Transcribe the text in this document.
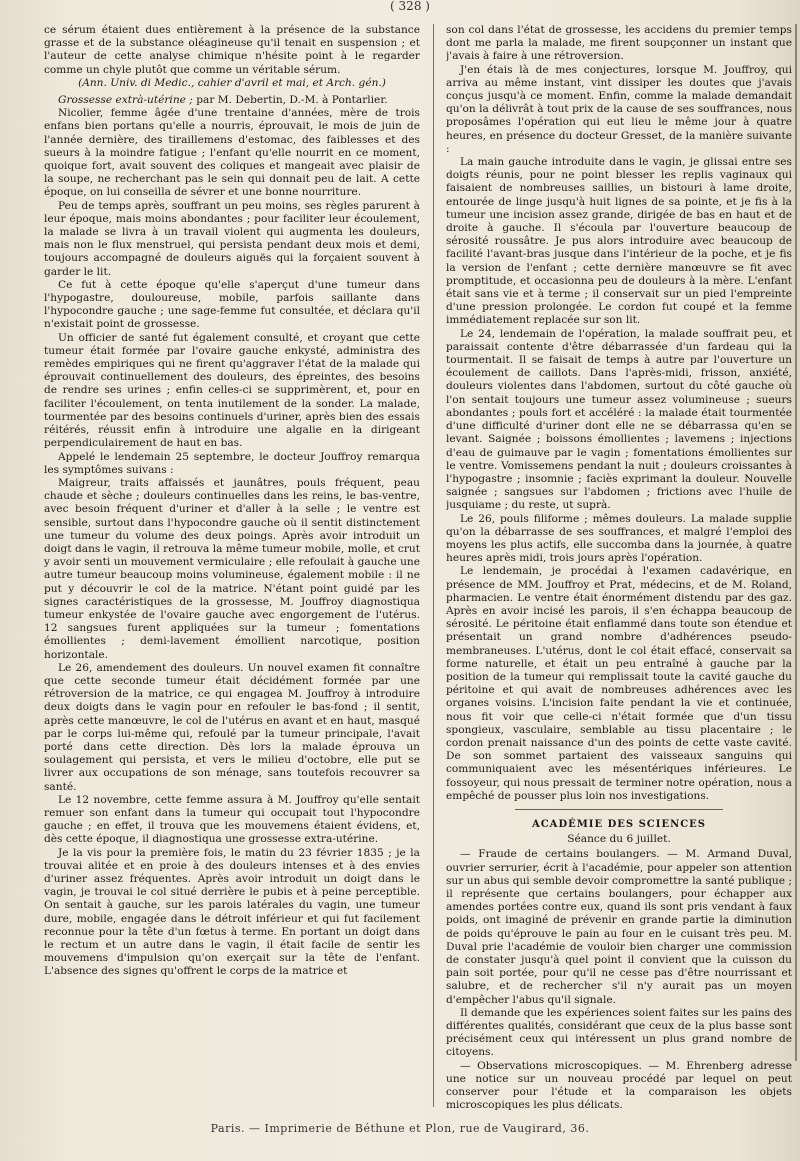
( 328 )

ce sérum étaient dues entièrement à la présence de la substance grasse et de la substance oléagineuse qu'il tenait en suspension ; et l'auteur de cette analyse chimique n'hésite point à le regarder comme un chyle plutôt que comme un véritable sérum.

(Ann. Univ. di Medic., cahier d'avril et mai, et Arch. gén.)

Grossesse extrà-utérine ; par M. Debertin, D.-M. à Pontarlier.

Nicolier, femme âgée d'une trentaine d'années, mère de trois enfans bien portans qu'elle a nourris, éprouvait, le mois de juin de l'année dernière, des tiraillemens d'estomac, des faiblesses et des sueurs à la moindre fatigue ; l'enfant qu'elle nourrit en ce moment, quoique fort, avait souvent des coliques et mangeait avec plaisir de la soupe, ne recherchant pas le sein qui donnait peu de lait. A cette époque, on lui conseilla de sévrer et une bonne nourriture.

Peu de temps après, souffrant un peu moins, ses règles parurent à leur époque, mais moins abondantes ; pour faciliter leur écoulement, la malade se livra à un travail violent qui augmenta les douleurs, mais non le flux menstruel, qui persista pendant deux mois et demi, toujours accompagné de douleurs aiguës qui la forçaient souvent à garder le lit.

Ce fut à cette époque qu'elle s'aperçut d'une tumeur dans l'hypogastre, douloureuse, mobile, parfois saillante dans l'hypocondre gauche ; une sage-femme fut consultée, et déclara qu'il n'existait point de grossesse.

Un officier de santé fut également consulté, et croyant que cette tumeur était formée par l'ovaire gauche enkysté, administra des remèdes empiriques qui ne firent qu'aggraver l'état de la malade qui éprouvait continuellement des douleurs, des épreintes, des besoins de rendre ses urines ; enfin celles-ci se supprimèrent, et, pour en faciliter l'écoulement, on tenta inutilement de la sonder. La malade, tourmentée par des besoins continuels d'uriner, après bien des essais réitérés, réussit enfin à introduire une algalie en la dirigeant perpendiculairement de haut en bas.

Appelé le lendemain 25 septembre, le docteur Jouffroy remarqua les symptômes suivans :

Maigreur, traits affaissés et jaunâtres, pouls fréquent, peau chaude et sèche ; douleurs continuelles dans les reins, le bas-ventre, avec besoin fréquent d'uriner et d'aller à la selle ; le ventre est sensible, surtout dans l'hypocondre gauche où il sentit distinctement une tumeur du volume des deux poings. Après avoir introduit un doigt dans le vagin, il retrouva la même tumeur mobile, molle, et crut y avoir senti un mouvement vermiculaire ; elle refoulait à gauche une autre tumeur beaucoup moins volumineuse, également mobile : il ne put y découvrir le col de la matrice. N'étant point guidé par les signes caractéristiques de la grossesse, M. Jouffroy diagnostiqua tumeur enkystée de l'ovaire gauche avec engorgement de l'utérus. 12 sangsues furent appliquées sur la tumeur ; fomentations émollientes ; demi-lavement émollient narcotique, position horizontale.

Le 26, amendement des douleurs. Un nouvel examen fit connaître que cette seconde tumeur était décidément formée par une rétroversion de la matrice, ce qui engagea M. Jouffroy à introduire deux doigts dans le vagin pour en refouler le bas-fond ; il sentit, après cette manœuvre, le col de l'utérus en avant et en haut, masqué par le corps lui-même qui, refoulé par la tumeur principale, l'avait porté dans cette direction. Dès lors la malade éprouva un soulagement qui persista, et vers le milieu d'octobre, elle put se livrer aux occupations de son ménage, sans toutefois recouvrer sa santé.

Le 12 novembre, cette femme assura à M. Jouffroy qu'elle sentait remuer son enfant dans la tumeur qui occupait tout l'hypocondre gauche ; en effet, il trouva que les mouvemens étaient évidens, et, dès cette époque, il diagnostiqua une grossesse extra-utérine.

Je la vis pour la première fois, le matin du 23 février 1835 ; je la trouvai alitée et en proie à des douleurs intenses et à des envies d'uriner assez fréquentes. Après avoir introduit un doigt dans le vagin, je trouvai le col situé derrière le pubis et à peine perceptible. On sentait à gauche, sur les parois latérales du vagin, une tumeur dure, mobile, engagée dans le détroit inférieur et qui fut facilement reconnue pour la tête d'un fœtus à terme. En portant un doigt dans le rectum et un autre dans le vagin, il était facile de sentir les mouvemens d'impulsion qu'on exerçait sur la tête de l'enfant. L'absence des signes qu'offrent le corps de la matrice et

son col dans l'état de grossesse, les accidens du premier temps dont me parla la malade, me firent soupçonner un instant que j'avais à faire à une rétroversion.

J'en étais là de mes conjectures, lorsque M. Jouffroy, qui arriva au même instant, vint dissiper les doutes que j'avais conçus jusqu'à ce moment. Enfin, comme la malade demandait qu'on la délivrât à tout prix de la cause de ses souffrances, nous proposâmes l'opération qui eut lieu le même jour à quatre heures, en présence du docteur Gresset, de la manière suivante :

La main gauche introduite dans le vagin, je glissai entre ses doigts réunis, pour ne point blesser les replis vaginaux qui faisaient de nombreuses saillies, un bistouri à lame droite, entourée de linge jusqu'à huit lignes de sa pointe, et je fis à la tumeur une incision assez grande, dirigée de bas en haut et de droite à gauche. Il s'écoula par l'ouverture beaucoup de sérosité roussâtre. Je pus alors introduire avec beaucoup de facilité l'avant-bras jusque dans l'intérieur de la poche, et je fis la version de l'enfant ; cette dernière manœuvre se fit avec promptitude, et occasionna peu de douleurs à la mère. L'enfant était sans vie et à terme ; il conservait sur un pied l'empreinte d'une pression prolongée. Le cordon fut coupé et la femme immédiatement replacée sur son lit.

Le 24, lendemain de l'opération, la malade souffrait peu, et paraissait contente d'être débarrassée d'un fardeau qui la tourmentait. Il se faisait de temps à autre par l'ouverture un écoulement de caillots. Dans l'après-midi, frisson, anxiété, douleurs violentes dans l'abdomen, surtout du côté gauche où l'on sentait toujours une tumeur assez volumineuse ; sueurs abondantes ; pouls fort et accéléré : la malade était tourmentée d'une difficulté d'uriner dont elle ne se débarrassa qu'en se levant. Saignée ; boissons émollientes ; lavemens ; injections d'eau de guimauve par le vagin ; fomentations émollientes sur le ventre. Vomissemens pendant la nuit ; douleurs croissantes à l'hypogastre ; insomnie ; faciès exprimant la douleur. Nouvelle saignée ; sangsues sur l'abdomen ; frictions avec l'huile de jusquiame ; du reste, ut suprà.

Le 26, pouls filiforme ; mêmes douleurs. La malade supplie qu'on la débarrasse de ses souffrances, et malgré l'emploi des moyens les plus actifs, elle succomba dans la journée, à quatre heures après midi, trois jours après l'opération.

Le lendemain, je procédai à l'examen cadavérique, en présence de MM. Jouffroy et Prat, médecins, et de M. Roland, pharmacien. Le ventre était énormément distendu par des gaz. Après en avoir incisé les parois, il s'en échappa beaucoup de sérosité. Le péritoine était enflammé dans toute son étendue et présentait un grand nombre d'adhérences pseudo-membraneuses. L'utérus, dont le col était effacé, conservait sa forme naturelle, et était un peu entraîné à gauche par la position de la tumeur qui remplissait toute la cavité gauche du péritoine et qui avait de nombreuses adhérences avec les organes voisins. L'incision faite pendant la vie et continuée, nous fit voir que celle-ci n'était formée que d'un tissu spongieux, vasculaire, semblable au tissu placentaire ; le cordon prenait naissance d'un des points de cette vaste cavité. De son sommet partaient des vaisseaux sanguins qui communiquaient avec les mésentériques inférieures. Le fossoyeur, qui nous pressait de terminer notre opération, nous a empêché de pousser plus loin nos investigations.

ACADÉMIE DES SCIENCES
Séance du 6 juillet.

— Fraude de certains boulangers. — M. Armand Duval, ouvrier serrurier, écrit à l'académie, pour appeler son attention sur un abus qui semble devoir compromettre la santé publique ; il représente que certains boulangers, pour échapper aux amendes portées contre eux, quand ils sont pris vendant à faux poids, ont imaginé de prévenir en grande partie la diminution de poids qu'éprouve le pain au four en le cuisant très peu. M. Duval prie l'académie de vouloir bien charger une commission de constater jusqu'à quel point il convient que la cuisson du pain soit portée, pour qu'il ne cesse pas d'être nourrissant et salubre, et de rechercher s'il n'y aurait pas un moyen d'empêcher l'abus qu'il signale.

Il demande que les expériences soient faites sur les pains des différentes qualités, considérant que ceux de la plus basse sont précisément ceux qui intéressent un plus grand nombre de citoyens.

— Observations microscopiques. — M. Ehrenberg adresse une notice sur un nouveau procédé par lequel on peut conserver pour l'étude et la comparaison les objets microscopiques les plus délicats.

Paris. — Imprimerie de Béthune et Plon, rue de Vaugirard, 36.
